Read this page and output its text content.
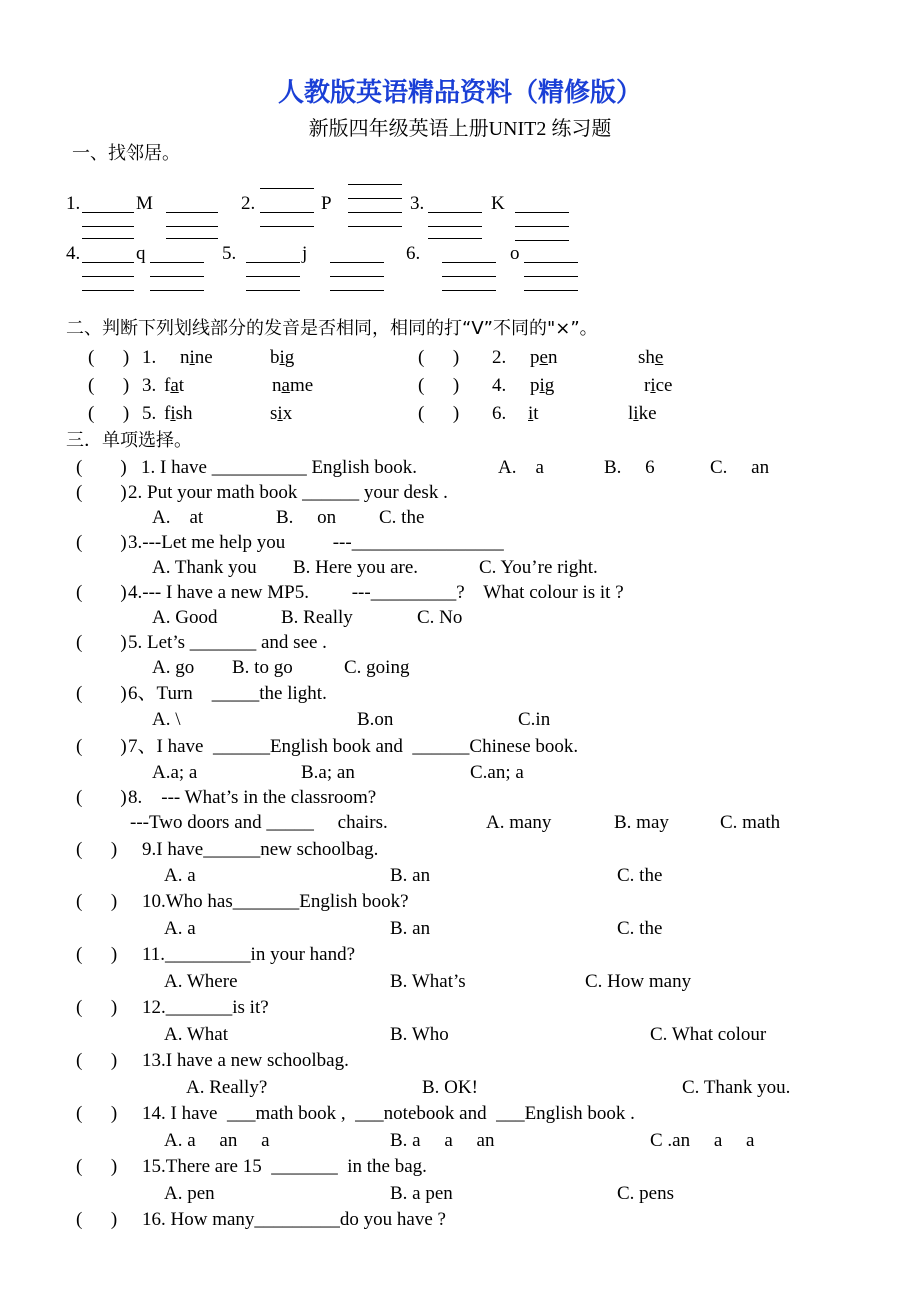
人教版英语精品资料（精修版）
新版四年级英语上册UNIT2 练习题
一、找邻居。
1.	M	2.	P	3.	K
4.	q	5.	j	6.	o
二、判断下列划线部分的发音是否相同，相同的打“V”不同的"×”。
(      ) 1. nine	big	(      ) 2. pen	she
(      ) 3. fat	name	(      ) 4. pig	rice
(      ) 5. fish	six	(      ) 6. it	like
三．单项选择。
(        ) 1. I have __________ English book.	A.    a	B.     6	C.     an
(        ) 2. Put your math book ______ your desk .
A.    at	B.     on C. the
(        ) 3.---Let me help you          ---________________
A. Thank you B. Here you are.	C. You’re right.
(        ) 4.--- I have a new MP5.         ---_________?    What colour is it ?
A. Good	B. Really	C. No
(        ) 5. Let’s _______ and see .
A. go B. to go	C. going
(        ) 6、Turn    _____the light.
A. \	B.on	C.in
(        ) 7、I have  ______English book and  ______Chinese book.
A.a; a	B.a; an	C.an; a
(        ) 8.    --- What’s in the classroom?
---Two doors and _____     chairs.	A. many	B. may	C. math
(      ) 9.I have______new schoolbag.
A. a	B. an	C. the
(      ) 10.Who has_______English book?
A. a	B. an	C. the
(      ) 11._________in your hand?
A. Where	B. What’s	C. How many
(      ) 12._______is it?
A. What	B. Who	C. What colour
(      ) 13.I have a new schoolbag.
A. Really?	B. OK!	C. Thank you.
(      ) 14. I have  ___math book ,  ___notebook and  ___English book .
A. a     an     a	B. a     a     an	C .an     a     a
(      ) 15.There are 15  _______  in the bag.
A. pen	B. a pen	C. pens
(      ) 16. How many_________do you have ?
